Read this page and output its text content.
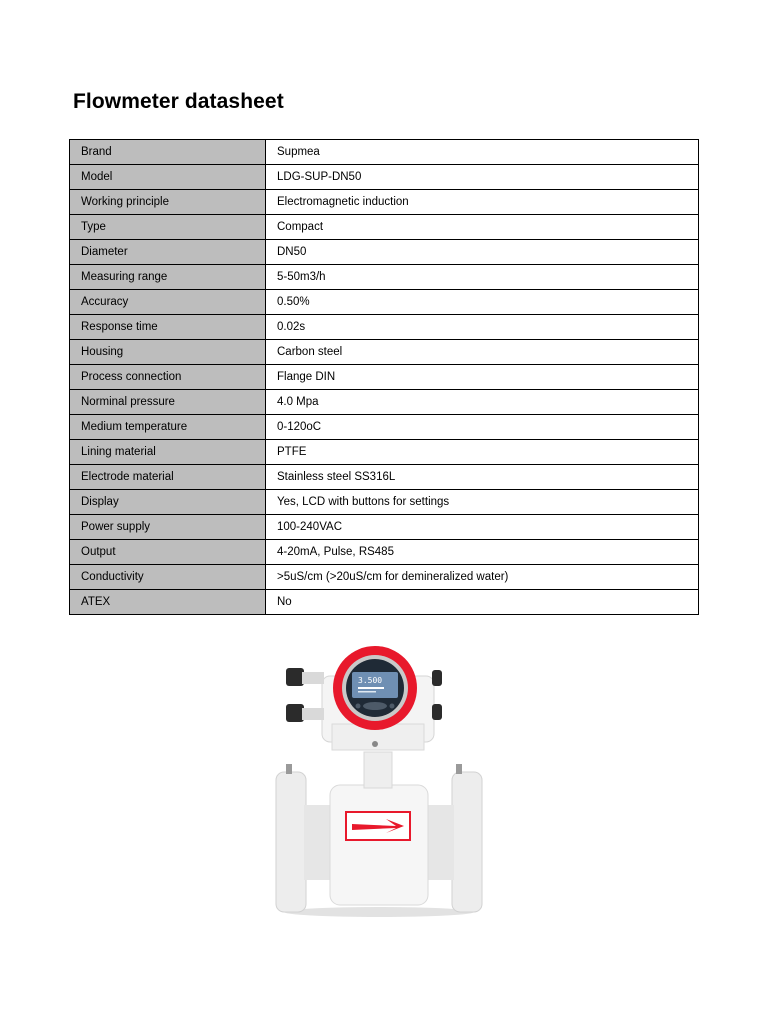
Flowmeter datasheet
Brand	Supmea
Model	LDG-SUP-DN50
Working principle	Electromagnetic induction
Type	Compact
Diameter	DN50
Measuring range	5-50m3/h
Accuracy	0.50%
Response time	0.02s
Housing	Carbon steel
Process connection	Flange DIN
Norminal pressure	4.0 Mpa
Medium temperature	0-120oC
Lining material	PTFE
Electrode material	Stainless steel SS316L
Display	Yes, LCD with buttons for settings
Power supply	100-240VAC
Output	4-20mA, Pulse, RS485
Conductivity	>5uS/cm (>20uS/cm for demineralized water)
ATEX	No
3.500
